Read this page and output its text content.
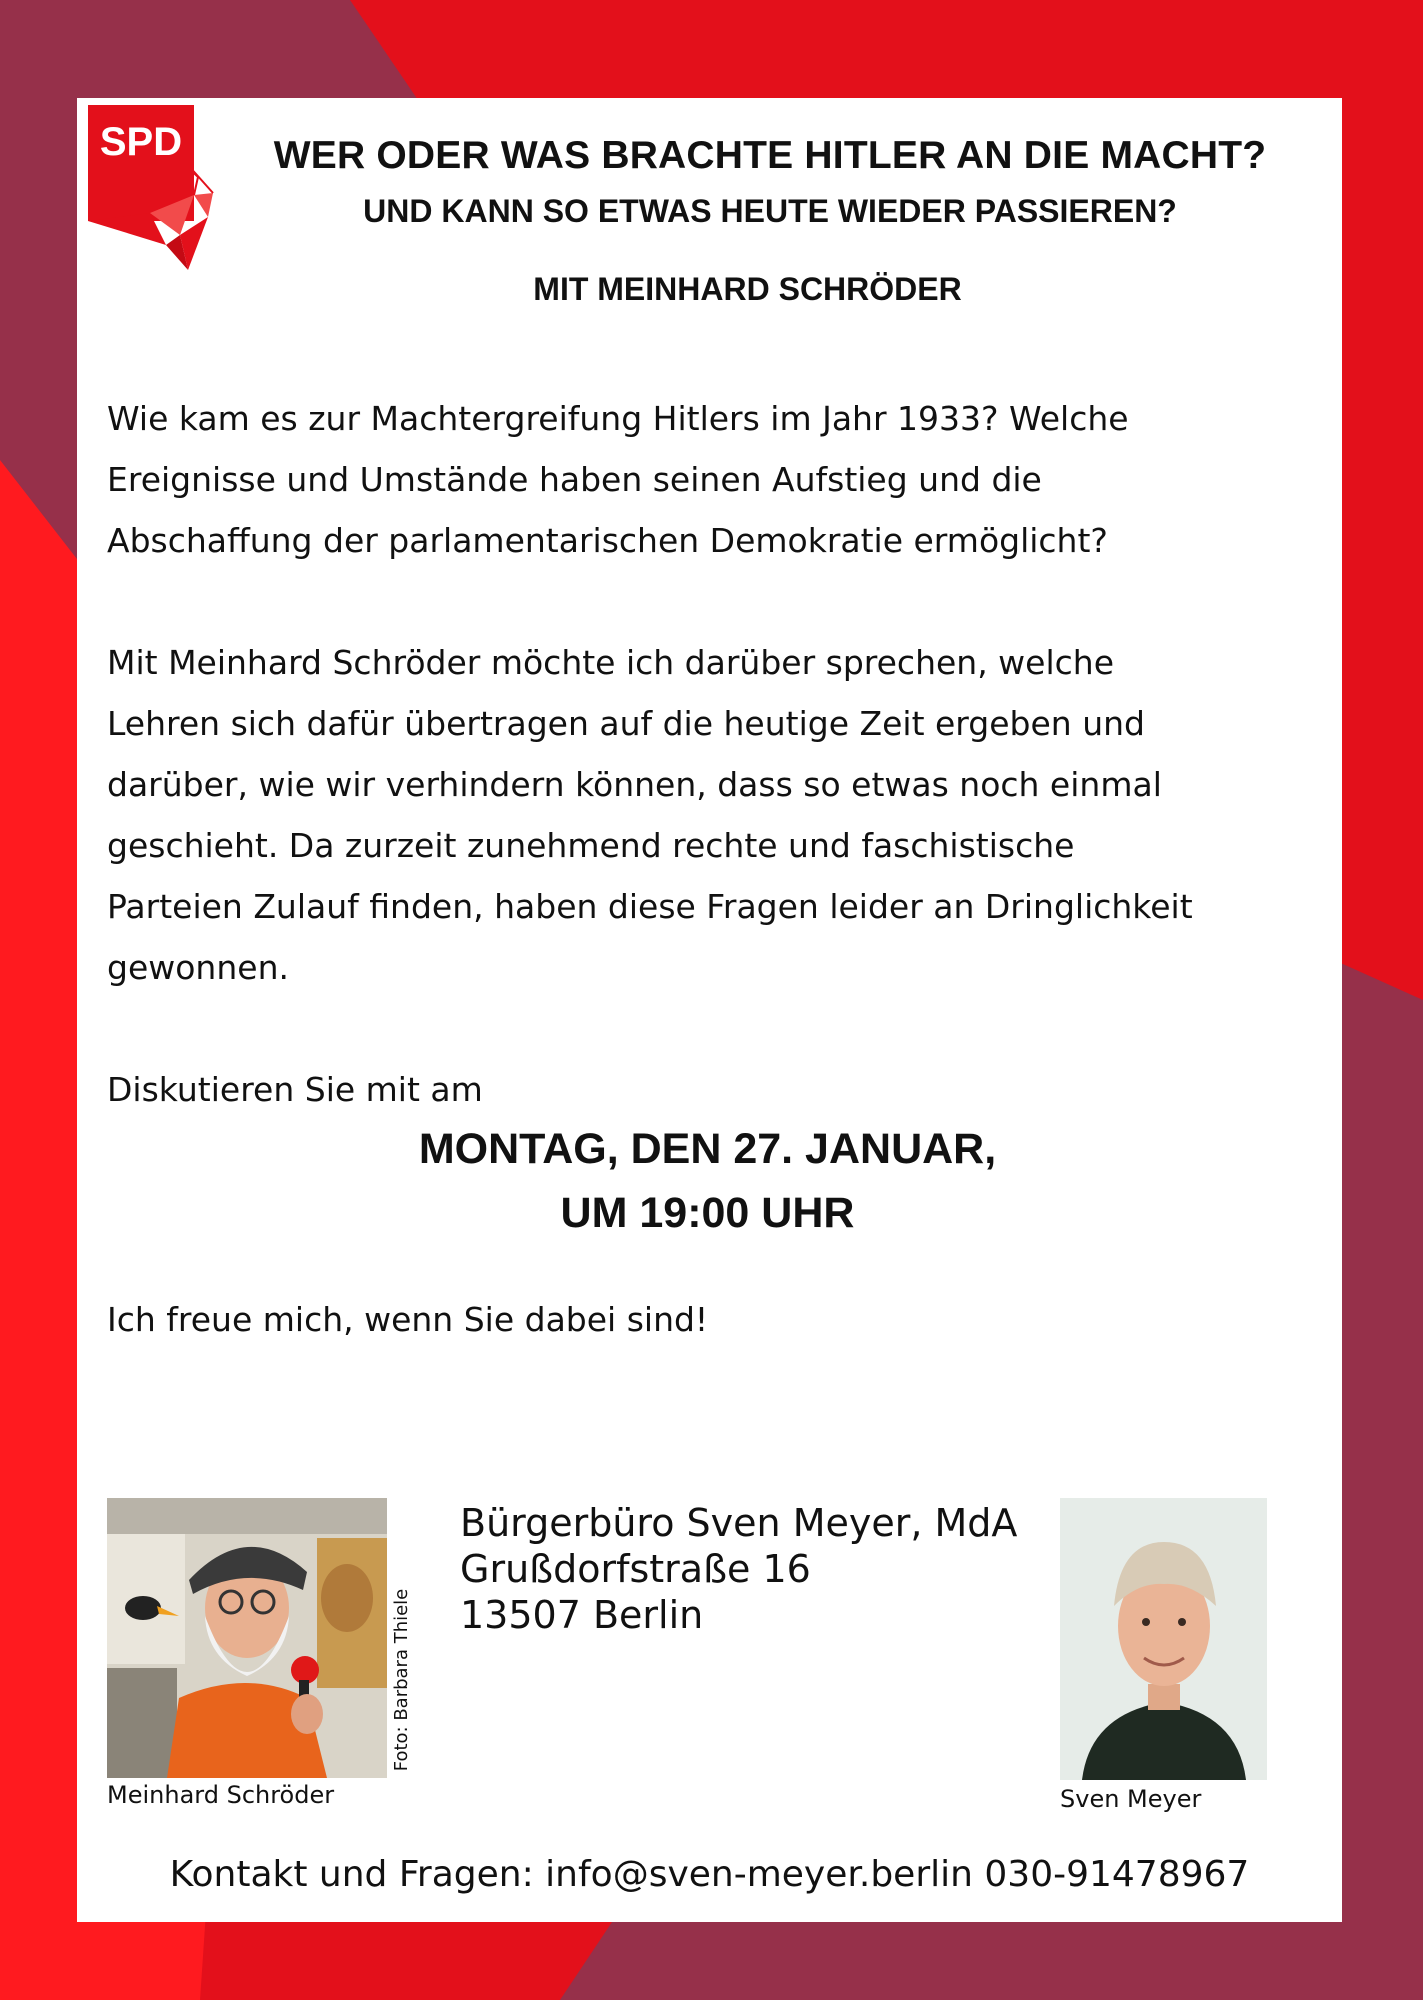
SPD	WER ODER WAS BRACHTE HITLER AN DIE MACHT?
UND KANN SO ETWAS HEUTE WIEDER PASSIEREN?
MIT MEINHARD SCHRÖDER
Wie kam es zur Machtergreifung Hitlers im Jahr 1933? Welche
Ereignisse und Umstände haben seinen Aufstieg und die
Abschaffung der parlamentarischen Demokratie ermöglicht?
Mit Meinhard Schröder möchte ich darüber sprechen, welche
Lehren sich dafür übertragen auf die heutige Zeit ergeben und
darüber, wie wir verhindern können, dass so etwas noch einmal
geschieht. Da zurzeit zunehmend rechte und faschistische
Parteien Zulauf finden, haben diese Fragen leider an Dringlichkeit
gewonnen.
Diskutieren Sie mit am
MONTAG, DEN 27. JANUAR,
UM 19:00 UHR
Ich freue mich, wenn Sie dabei sind!
Foto: Barbara Thiele
Meinhard Schröder
Bürgerbüro Sven Meyer, MdA
Grußdorfstraße 16
13507 Berlin
Sven Meyer
Kontakt und Fragen: info@sven-meyer.berlin 030-91478967
